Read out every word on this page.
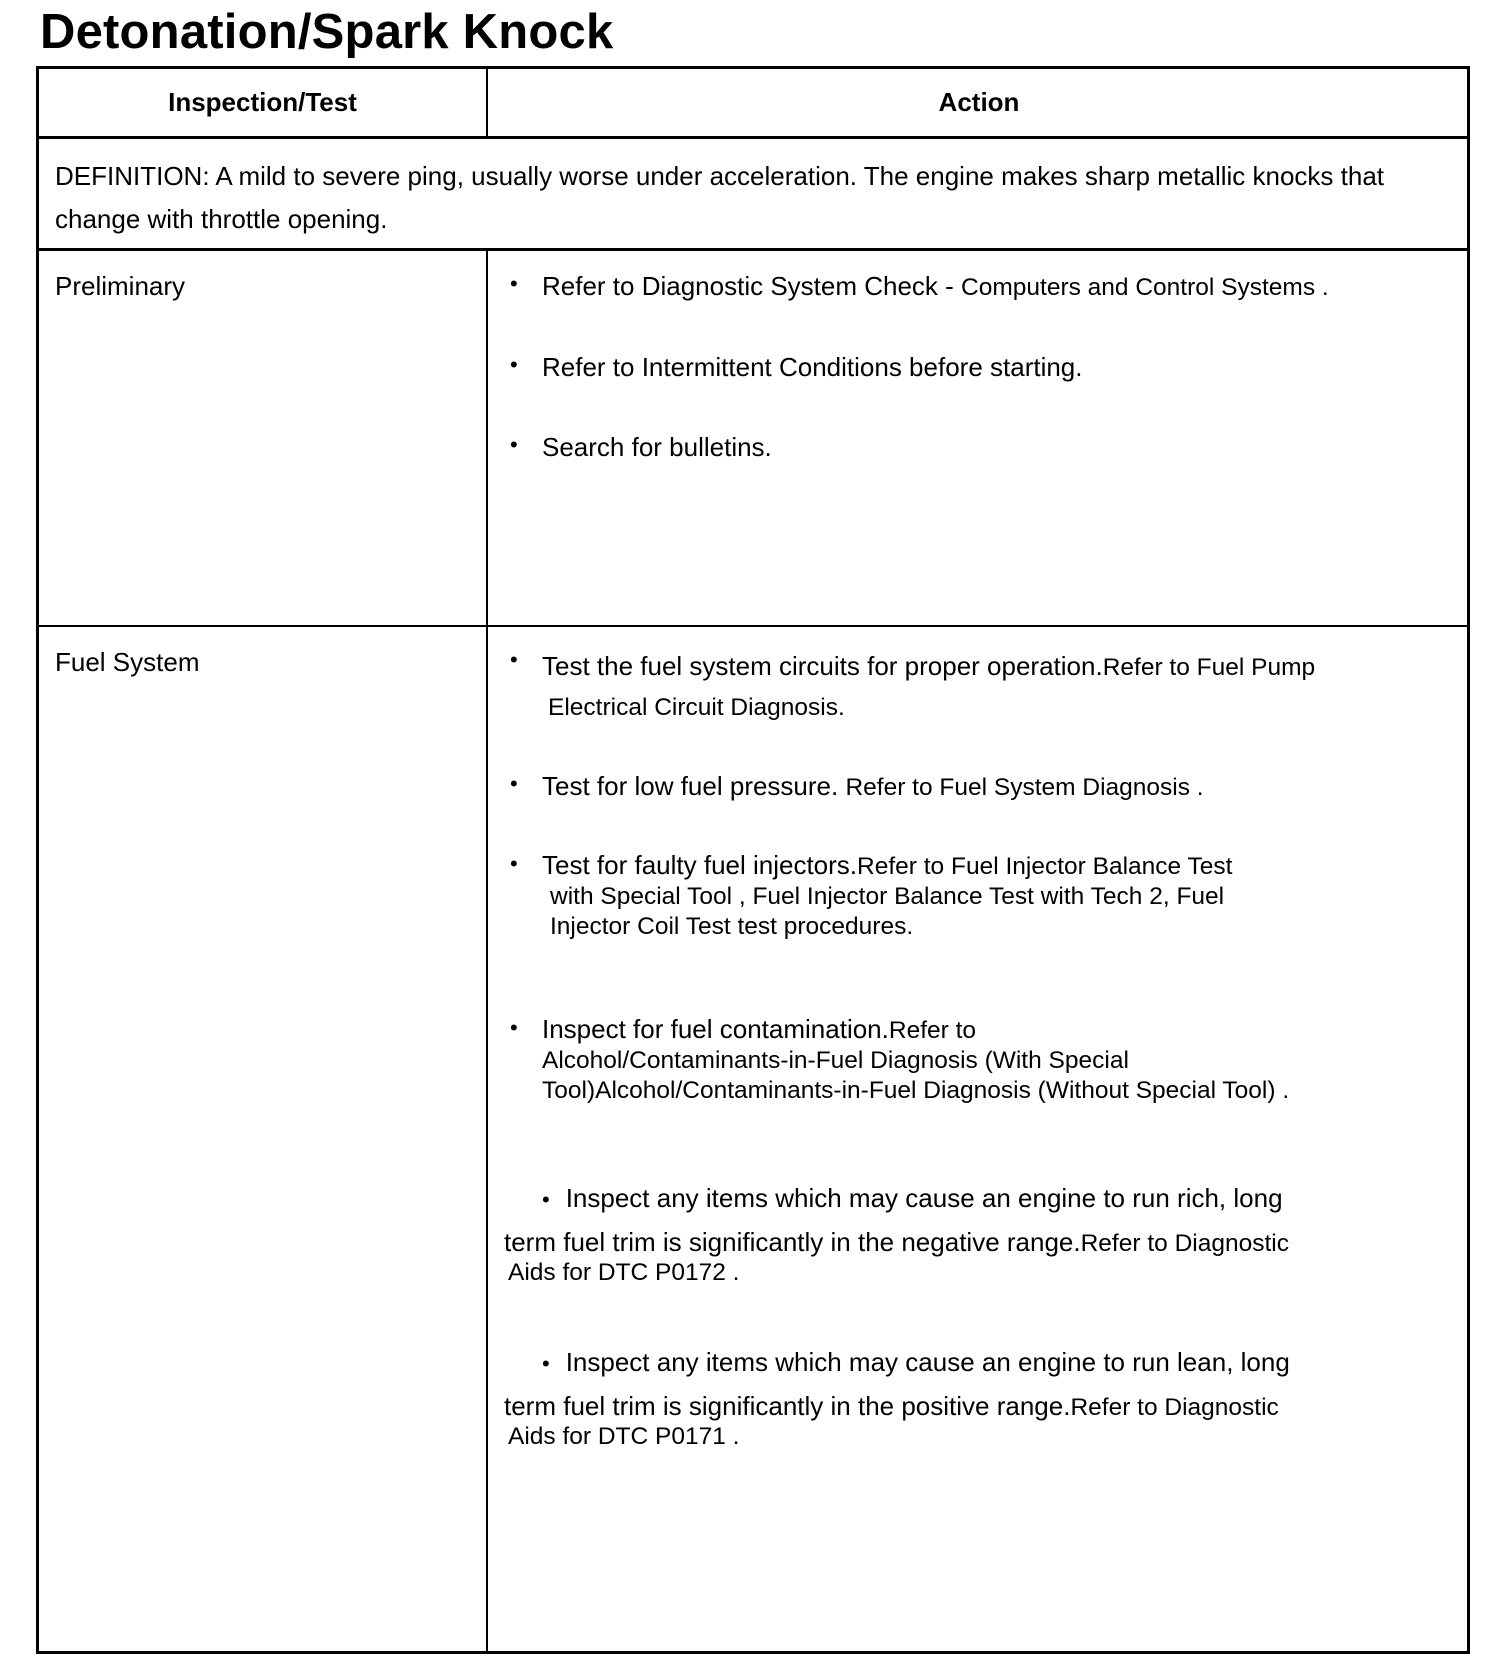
Detonation/Spark Knock
Inspection/Test	Action
DEFINITION: A mild to severe ping, usually worse under acceleration. The engine makes sharp metallic knocks that change with throttle opening.
Preliminary	• Refer to Diagnostic System Check - Computers and Control Systems .
• Refer to Intermittent Conditions before starting.
• Search for bulletins.
Fuel System	• Test the fuel system circuits for proper operation.Refer to Fuel Pump
Electrical Circuit Diagnosis.
• Test for low fuel pressure. Refer to Fuel System Diagnosis .
• Test for faulty fuel injectors.Refer to Fuel Injector Balance Test
with Special Tool , Fuel Injector Balance Test with Tech 2, Fuel
Injector Coil Test test procedures.
• Inspect for fuel contamination.Refer to
Alcohol/Contaminants-in-Fuel Diagnosis (With Special
Tool)Alcohol/Contaminants-in-Fuel Diagnosis (Without Special Tool) .
• Inspect any items which may cause an engine to run rich, long
term fuel trim is significantly in the negative range.Refer to Diagnostic
Aids for DTC P0172 .
• Inspect any items which may cause an engine to run lean, long
term fuel trim is significantly in the positive range.Refer to Diagnostic
Aids for DTC P0171 .
